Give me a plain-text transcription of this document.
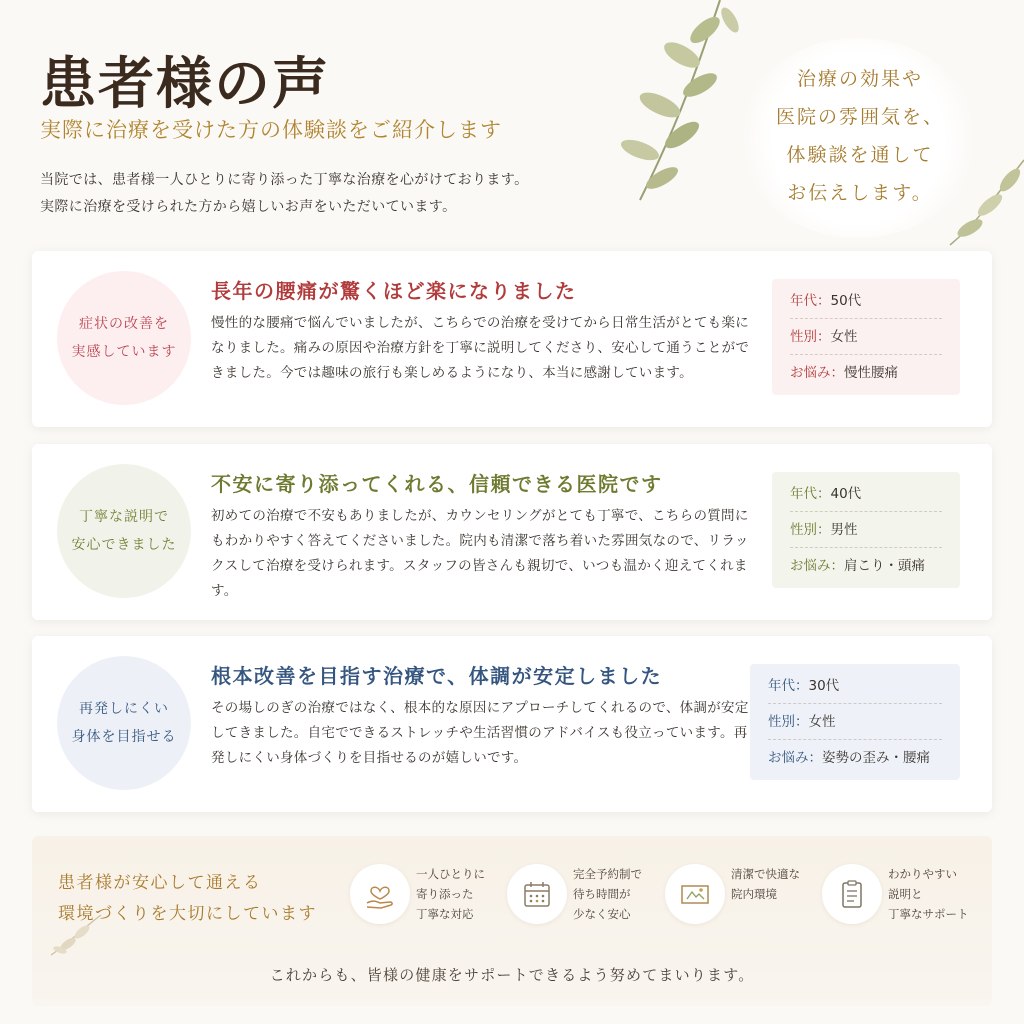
治療の効果や
医院の雰囲気を、
体験談を通して
お伝えします。
患者様の声
実際に治療を受けた方の体験談をご紹介します
当院では、患者様一人ひとりに寄り添った丁寧な治療を心がけております。
実際に治療を受けられた方から嬉しいお声をいただいています。
症状の改善を
実感しています
長年の腰痛が驚くほど楽になりました
慢性的な腰痛で悩んでいましたが、こちらでの治療を受けてから日常生活がとても楽になりました。痛みの原因や治療方針を丁寧に説明してくださり、安心して通うことができました。今では趣味の旅行も楽しめるようになり、本当に感謝しています。
年代：50代
性別：女性
お悩み：慢性腰痛
丁寧な説明で
安心できました
不安に寄り添ってくれる、信頼できる医院です
初めての治療で不安もありましたが、カウンセリングがとても丁寧で、こちらの質問にもわかりやすく答えてくださいました。院内も清潔で落ち着いた雰囲気なので、リラックスして治療を受けられます。スタッフの皆さんも親切で、いつも温かく迎えてくれます。
年代：40代
性別：男性
お悩み：肩こり・頭痛
再発しにくい
身体を目指せる
根本改善を目指す治療で、体調が安定しました
その場しのぎの治療ではなく、根本的な原因にアプローチしてくれるので、体調が安定してきました。自宅でできるストレッチや生活習慣のアドバイスも役立っています。再発しにくい身体づくりを目指せるのが嬉しいです。
年代：30代
性別：女性
お悩み：姿勢の歪み・腰痛
患者様が安心して通える
環境づくりを大切にしています
一人ひとりに
寄り添った
丁寧な対応
完全予約制で
待ち時間が
少なく安心
清潔で快適な
院内環境
わかりやすい
説明と
丁寧なサポート
これからも、皆様の健康をサポートできるよう努めてまいります。
